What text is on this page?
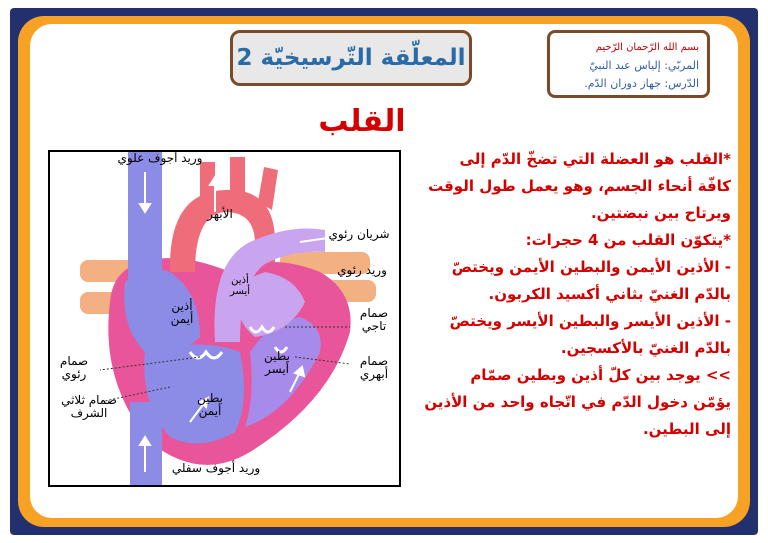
المعلّقة التّرسيخيّة 2	بسم الله الرّحمان الرّحيم
المربّي: إلياس عبد النبيّ
الدّرس: جهاز دوران الدّم.
القلب
وريد أجوف علوي
الأبهر
شريان رئوي
وريد رئوي
أذين أيسر
أذين أيمن	صمام تاجي
صمام أبهري
بطين أيسر
صمام رئوي
صمام ثلاثي الشرف
بطين أيمن
وريد أجوف سفلي

*القلب هو العضلة التي تضخّ الدّم إلى

كافّة أنحاء الجسم، وهو يعمل طول الوقت

ويرتاح بين نبضتين.

*يتكوّن القلب من 4 حجرات:

- الأذين الأيمن والبطين الأيمن ويختصّ

بالدّم الغنيّ بثاني أكسيد الكربون.

- الأذين الأيسر والبطين الأيسر ويختصّ

بالدّم الغنيّ بالأكسجين.

>> يوجد بين كلّ أذين وبطين صمّام

يؤمّن دخول الدّم في اتّجاه واحد من الأذين

إلى البطين.
